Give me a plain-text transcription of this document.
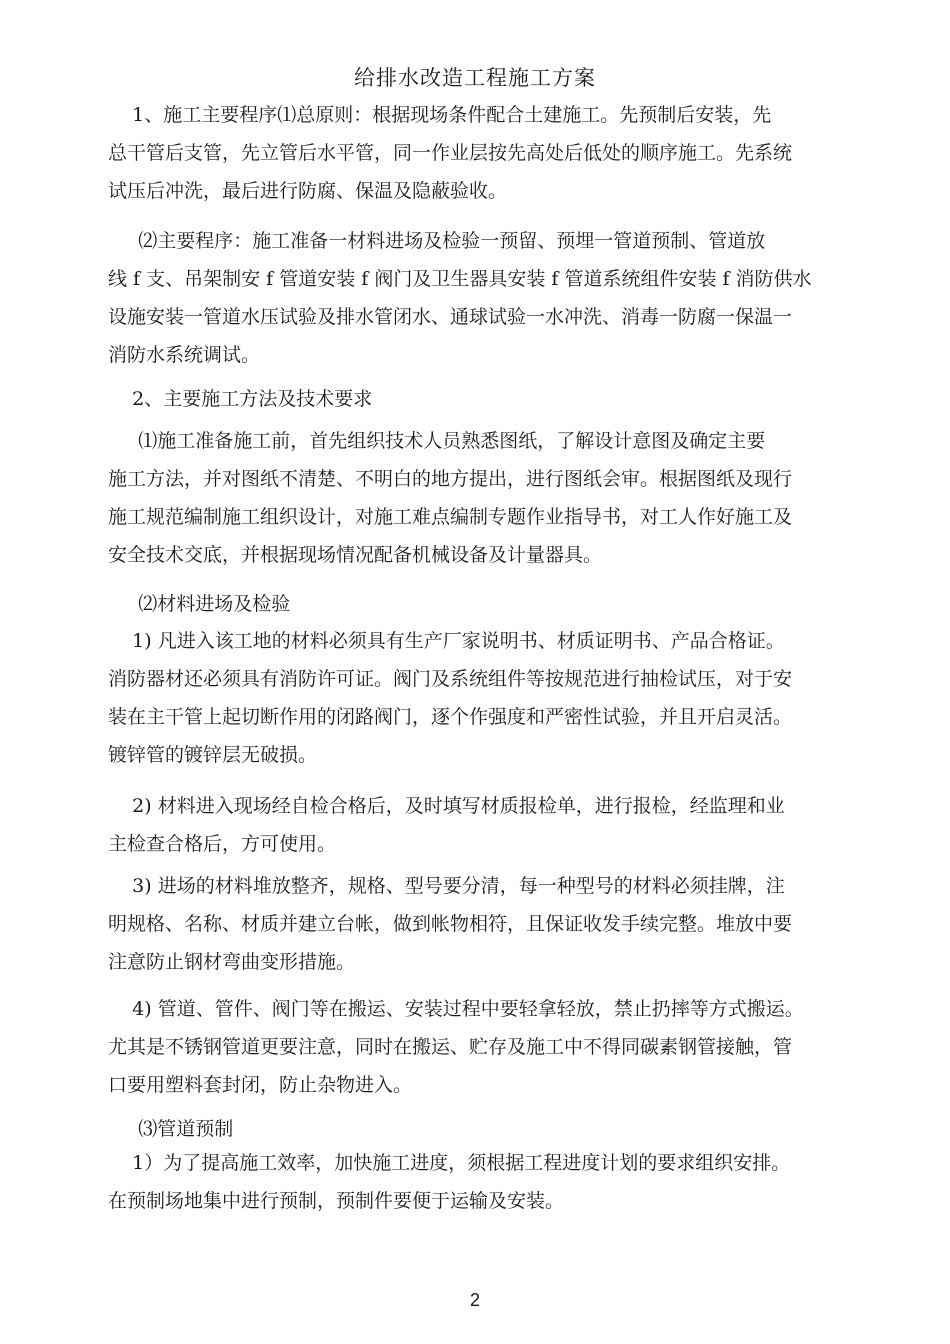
给排水改造工程施工方案
1、施工主要程序⑴总原则：根据现场条件配合土建施工。先预制后安装，先
总干管后支管，先立管后水平管，同一作业层按先高处后低处的顺序施工。先系统
试压后冲洗，最后进行防腐、保温及隐蔽验收。
⑵主要程序：施工准备一材料进场及检验一预留、预埋一管道预制、管道放
线 f 支、吊架制安 f 管道安装 f 阀门及卫生器具安装 f 管道系统组件安装 f 消防供水
设施安装一管道水压试验及排水管闭水、通球试验一水冲洗、消毒一防腐一保温一
消防水系统调试。
2、主要施工方法及技术要求
⑴施工准备施工前，首先组织技术人员熟悉图纸，了解设计意图及确定主要
施工方法，并对图纸不清楚、不明白的地方提出，进行图纸会审。根据图纸及现行
施工规范编制施工组织设计，对施工难点编制专题作业指导书，对工人作好施工及
安全技术交底，并根据现场情况配备机械设备及计量器具。
⑵材料进场及检验
1) 凡进入该工地的材料必须具有生产厂家说明书、材质证明书、产品合格证。
消防器材还必须具有消防许可证。阀门及系统组件等按规范进行抽检试压，对于安
装在主干管上起切断作用的闭路阀门，逐个作强度和严密性试验，并且开启灵活。
镀锌管的镀锌层无破损。
2) 材料进入现场经自检合格后，及时填写材质报检单，进行报检，经监理和业
主检查合格后，方可使用。
3) 进场的材料堆放整齐，规格、型号要分清，每一种型号的材料必须挂牌，注
明规格、名称、材质并建立台帐，做到帐物相符，且保证收发手续完整。堆放中要
注意防止钢材弯曲变形措施。
4) 管道、管件、阀门等在搬运、安装过程中要轻拿轻放，禁止扔摔等方式搬运。
尤其是不锈钢管道更要注意，同时在搬运、贮存及施工中不得同碳素钢管接触，管
口要用塑料套封闭，防止杂物进入。
⑶管道预制
1）为了提高施工效率，加快施工进度，须根据工程进度计划的要求组织安排。
在预制场地集中进行预制，预制件要便于运输及安装。
2
